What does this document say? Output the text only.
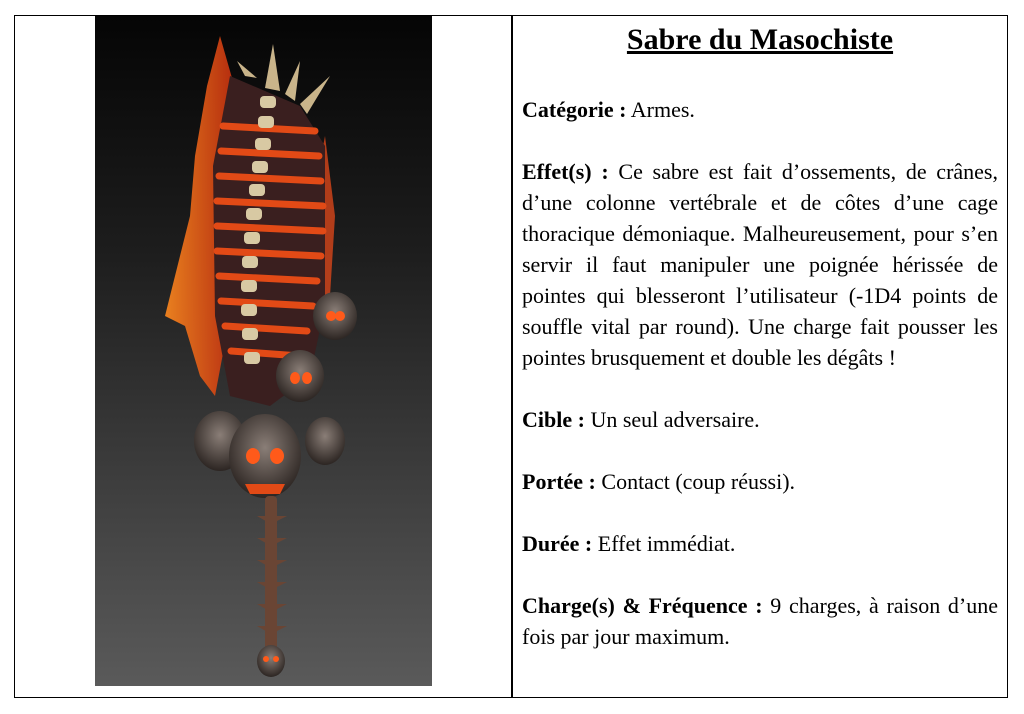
Sabre du Masochiste

Catégorie : Armes.

Effet(s) : Ce sabre est fait d’ossements, de crânes, d’une colonne vertébrale et de côtes d’une cage thoracique démoniaque. Malheureusement, pour s’en servir il faut manipuler une poignée hérissée de pointes qui blesseront l’utilisateur (-1D4 points de souffle vital par round). Une charge fait pousser les pointes brusquement et double les dégâts !

Cible : Un seul adversaire.

Portée : Contact (coup réussi).

Durée : Effet immédiat.

Charge(s) & Fréquence : 9 charges, à raison d’une fois par jour maximum.
